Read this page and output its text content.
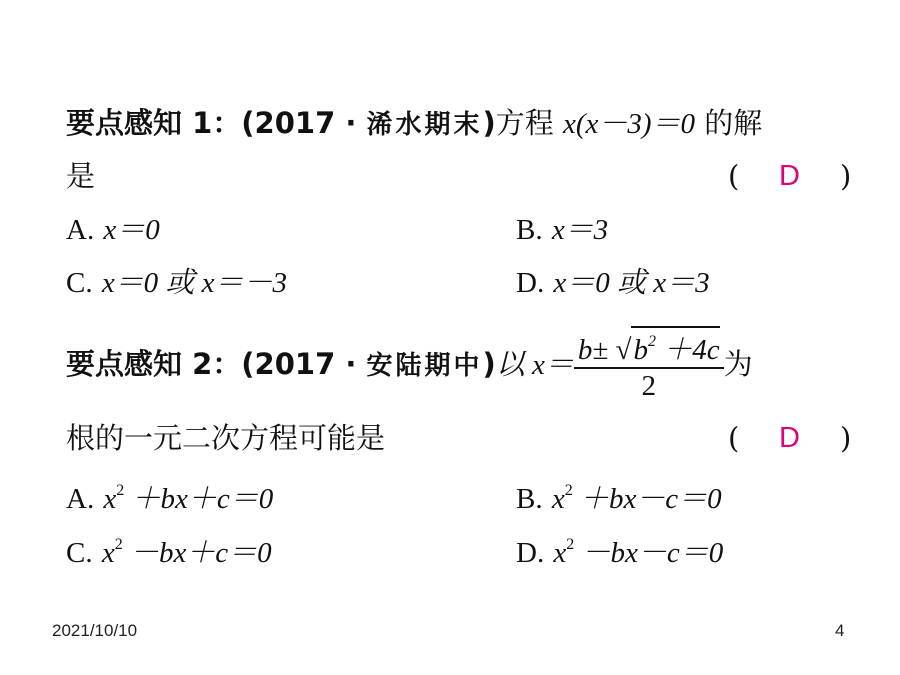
要点感知 1：(2017 · 浠水期末)方程 x(x－3)＝0 的解
是	( D )
A. x＝0	B. x＝3
C. x＝0 或 x＝－3	D. x＝0 或 x＝3
要点感知 2：(2017 · 安陆期中)以 $x= \frac{b\pm √b^2 +4c}{2}$ 为
根的一元二次方程可能是	( D )
A. $x^2 +bx+c=0$	B. $x^2 +bx-c=0$
C. $x^2 -bx+c=0$	D. $x^2 -bx-c=0$
2021/10/10	4
